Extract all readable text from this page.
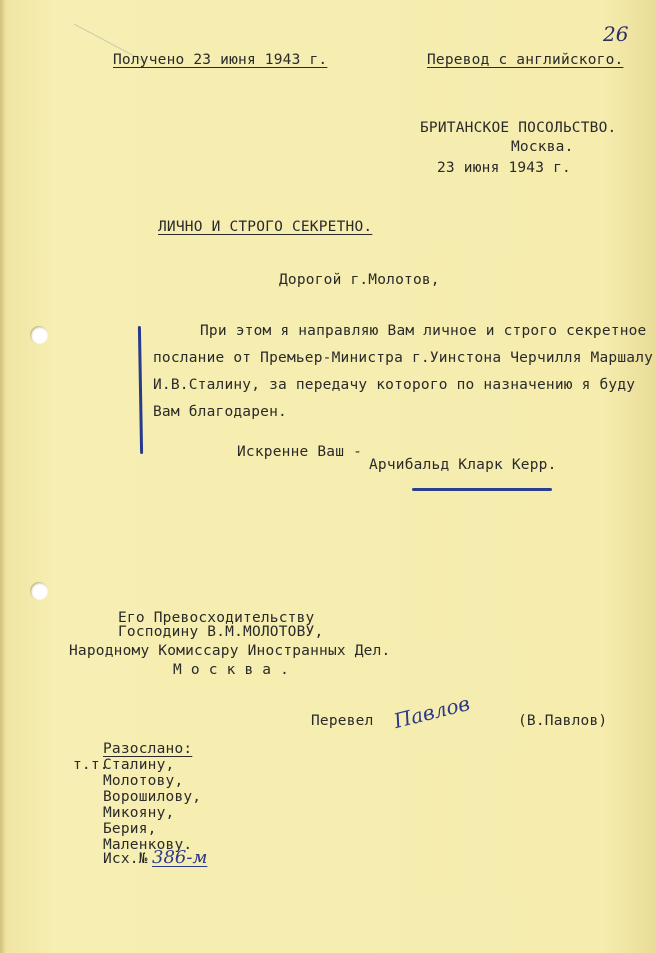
26
Получено 23 июня 1943 г.	Перевод с английского.
БРИТАНСКОЕ ПОСОЛЬСТВО.
Москва.
23 июня 1943 г.
ЛИЧНО И СТРОГО СЕКРЕТНО.
Дорогой г.Молотов,
При этом я направляю Вам личное и строго секретное
послание от Премьер-Министра г.Уинстона Черчилля Маршалу
И.В.Сталину, за передачу которого по назначению я буду
Вам благодарен.
Искренне Ваш -
Арчибальд Кларк Керр.
Его Превосходительству
Господину В.М.МОЛОТОВУ,
Народному Комиссару Иностранных Дел.
М о с к в а .
Перевел Павлов	(В.Павлов)
Разослано:
т.т.
Сталину,
Молотову,
Ворошилову,
Микояну,
Берия,
Маленкову.
Исх.№ 386-м
